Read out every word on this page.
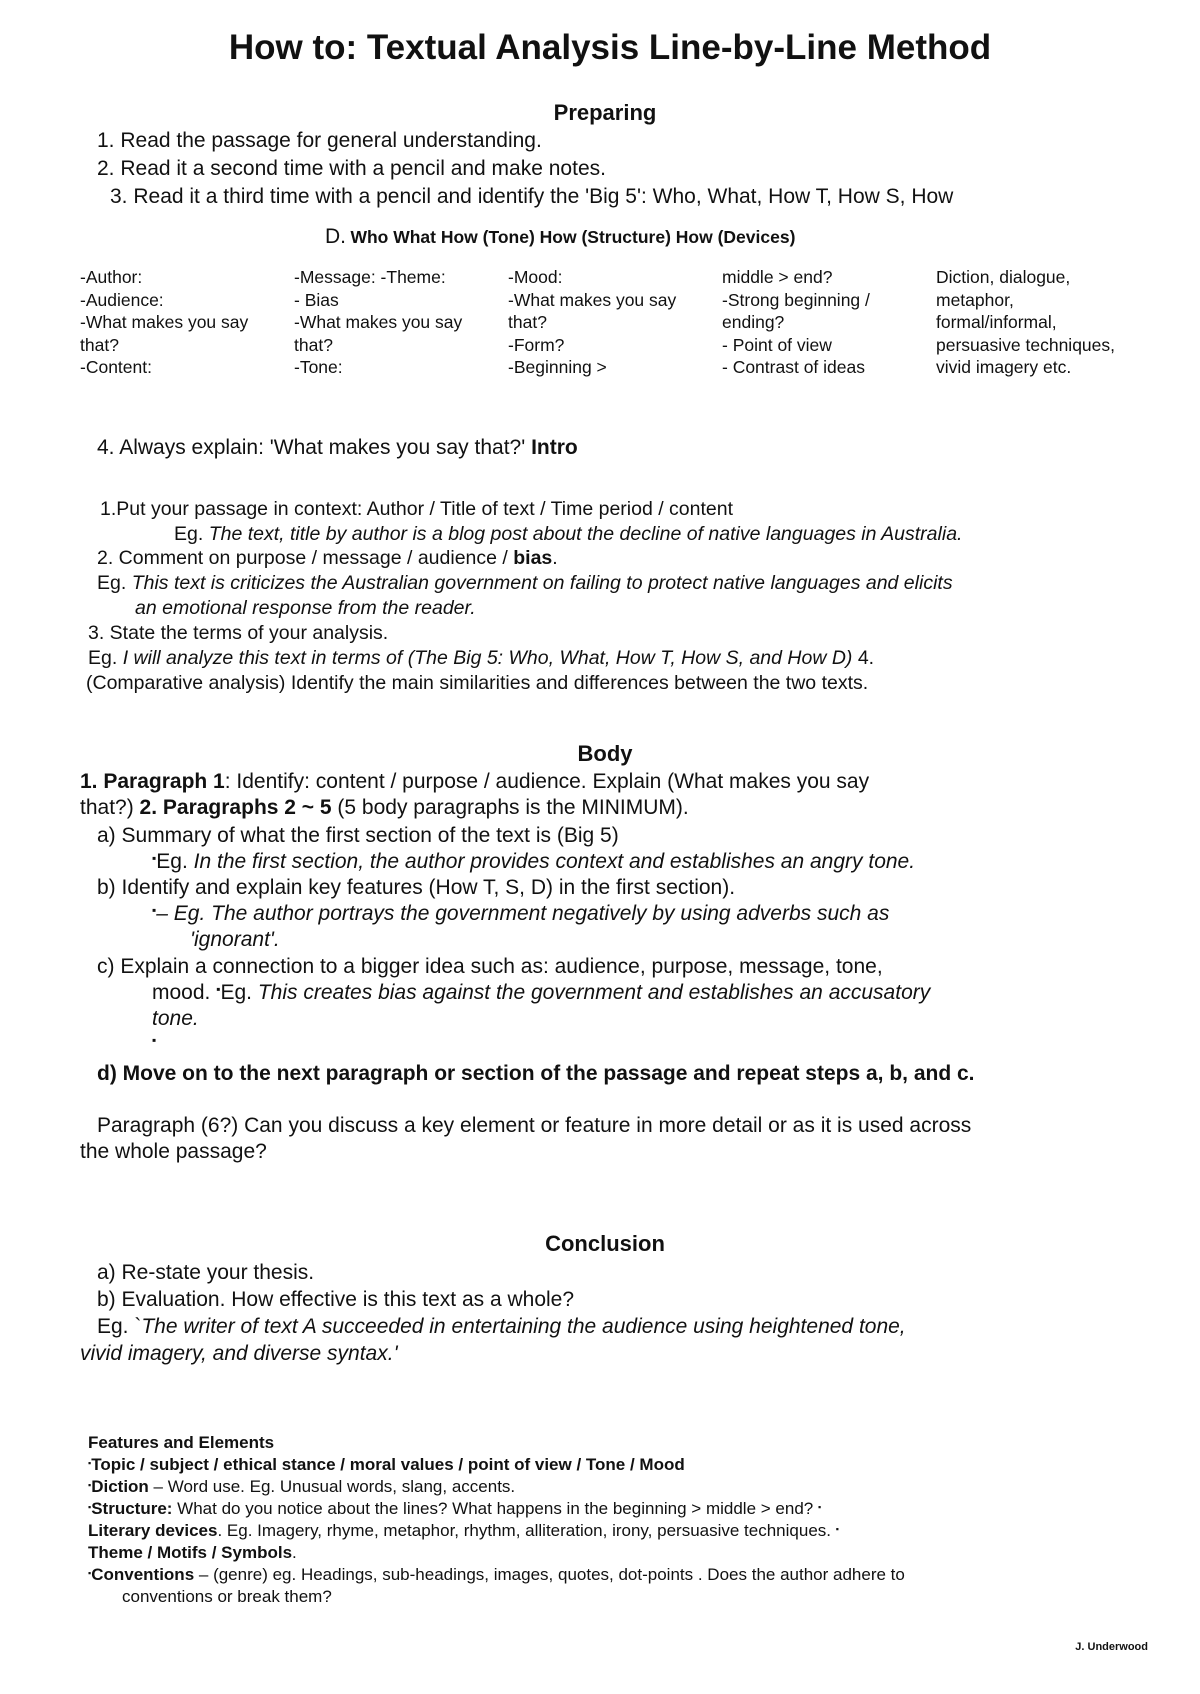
How to: Textual Analysis Line-by-Line Method
Preparing
1. Read the passage for general understanding.
2. Read it a second time with a pencil and make notes.
3. Read it a third time with a pencil and identify the 'Big 5': Who, What, How T, How S, How
D. Who What How (Tone) How (Structure) How (Devices)
-Author:
-Audience:
-What makes you say
that?
-Content:
-Message: -Theme:
- Bias
-What makes you say
that?
-Tone:
-Mood:
-What makes you say
that?
-Form?
-Beginning >
middle > end?
-Strong beginning /
ending?
- Point of view
- Contrast of ideas
Diction, dialogue,
metaphor,
formal/informal,
persuasive techniques,
vivid imagery etc.
4. Always explain: 'What makes you say that?' Intro
1.Put your passage in context: Author / Title of text / Time period / content
Eg. The text, title by author is a blog post about the decline of native languages in Australia.
2. Comment on purpose / message / audience / bias.
Eg. This text is criticizes the Australian government on failing to protect native languages and elicits
an emotional response from the reader.
3. State the terms of your analysis.
Eg. I will analyze this text in terms of (The Big 5: Who, What, How T, How S, and How D) 4.
(Comparative analysis) Identify the main similarities and differences between the two texts.
Body
1. Paragraph 1: Identify: content / purpose / audience. Explain (What makes you say
that?) 2. Paragraphs 2 ~ 5 (5 body paragraphs is the MINIMUM).
a) Summary of what the first section of the text is (Big 5)
▪Eg. In the first section, the author provides context and establishes an angry tone.
b) Identify and explain key features (How T, S, D) in the first section).
▪– Eg. The author portrays the government negatively by using adverbs such as
'ignorant'.
c) Explain a connection to a bigger idea such as: audience, purpose, message, tone,
mood. ▪Eg. This creates bias against the government and establishes an accusatory
tone.
▪
d) Move on to the next paragraph or section of the passage and repeat steps a, b, and c.
Paragraph (6?) Can you discuss a key element or feature in more detail or as it is used across
the whole passage?
Conclusion
a) Re-state your thesis.
b) Evaluation. How effective is this text as a whole?
Eg. `The writer of text A succeeded in entertaining the audience using heightened tone,
vivid imagery, and diverse syntax.'
Features and Elements
▪Topic / subject / ethical stance / moral values / point of view / Tone / Mood
▪Diction – Word use. Eg. Unusual words, slang, accents.
▪Structure: What do you notice about the lines? What happens in the beginning > middle > end? ▪
Literary devices. Eg. Imagery, rhyme, metaphor, rhythm, alliteration, irony, persuasive techniques. ▪
Theme / Motifs / Symbols.
▪Conventions – (genre) eg. Headings, sub-headings, images, quotes, dot-points . Does the author adhere to
conventions or break them?
J. Underwood
